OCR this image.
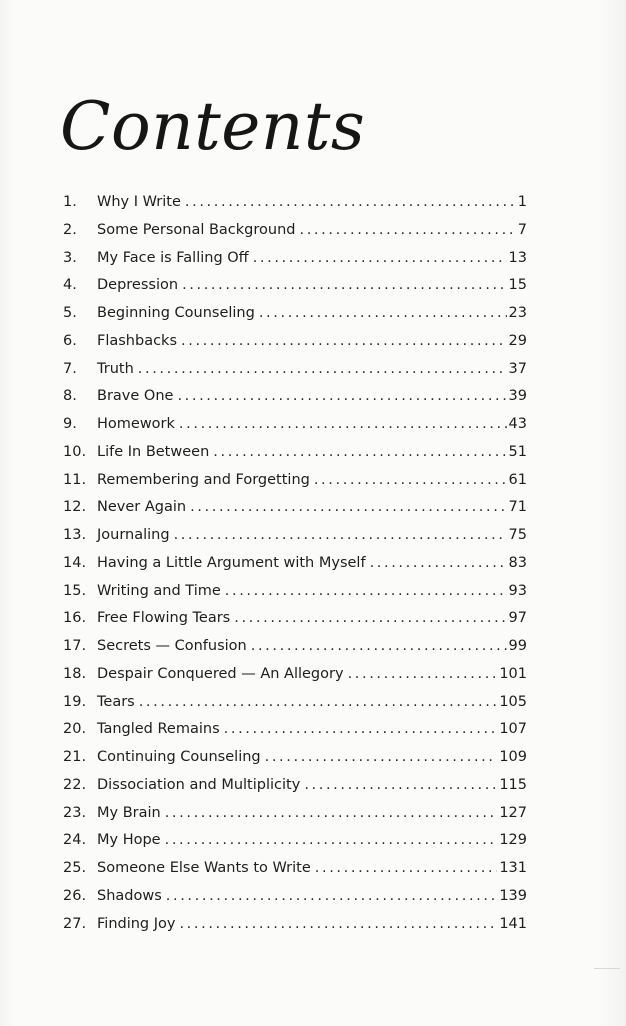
Contents
1.	Why I Write . . .	1
2.	Some Personal Background . . .	7
3.	My Face is Falling Off . . .	13
4.	Depression . . .	15
5.	Beginning Counseling . . .	23
6.	Flashbacks . . .	29
7.	Truth . . .	37
8.	Brave One . . .	39
9.	Homework . . .	43
10. Life In Between . . .	51
11. Remembering and Forgetting . . .	61
12. Never Again . . .	71
13. Journaling . . .	75
14. Having a Little Argument with Myself . . .	83
15. Writing and Time . . .	93
16. Free Flowing Tears . . .	97
17. Secrets — Confusion . . .	99
18. Despair Conquered — An Allegory . . .	101
19. Tears . . .	105
20. Tangled Remains . . .	107
21. Continuing Counseling . . .	109
22. Dissociation and Multiplicity . . .	115
23. My Brain . . .	127
24. My Hope . . .	129
25. Someone Else Wants to Write . . .	131
26. Shadows . . .	139
27. Finding Joy . . .	141
